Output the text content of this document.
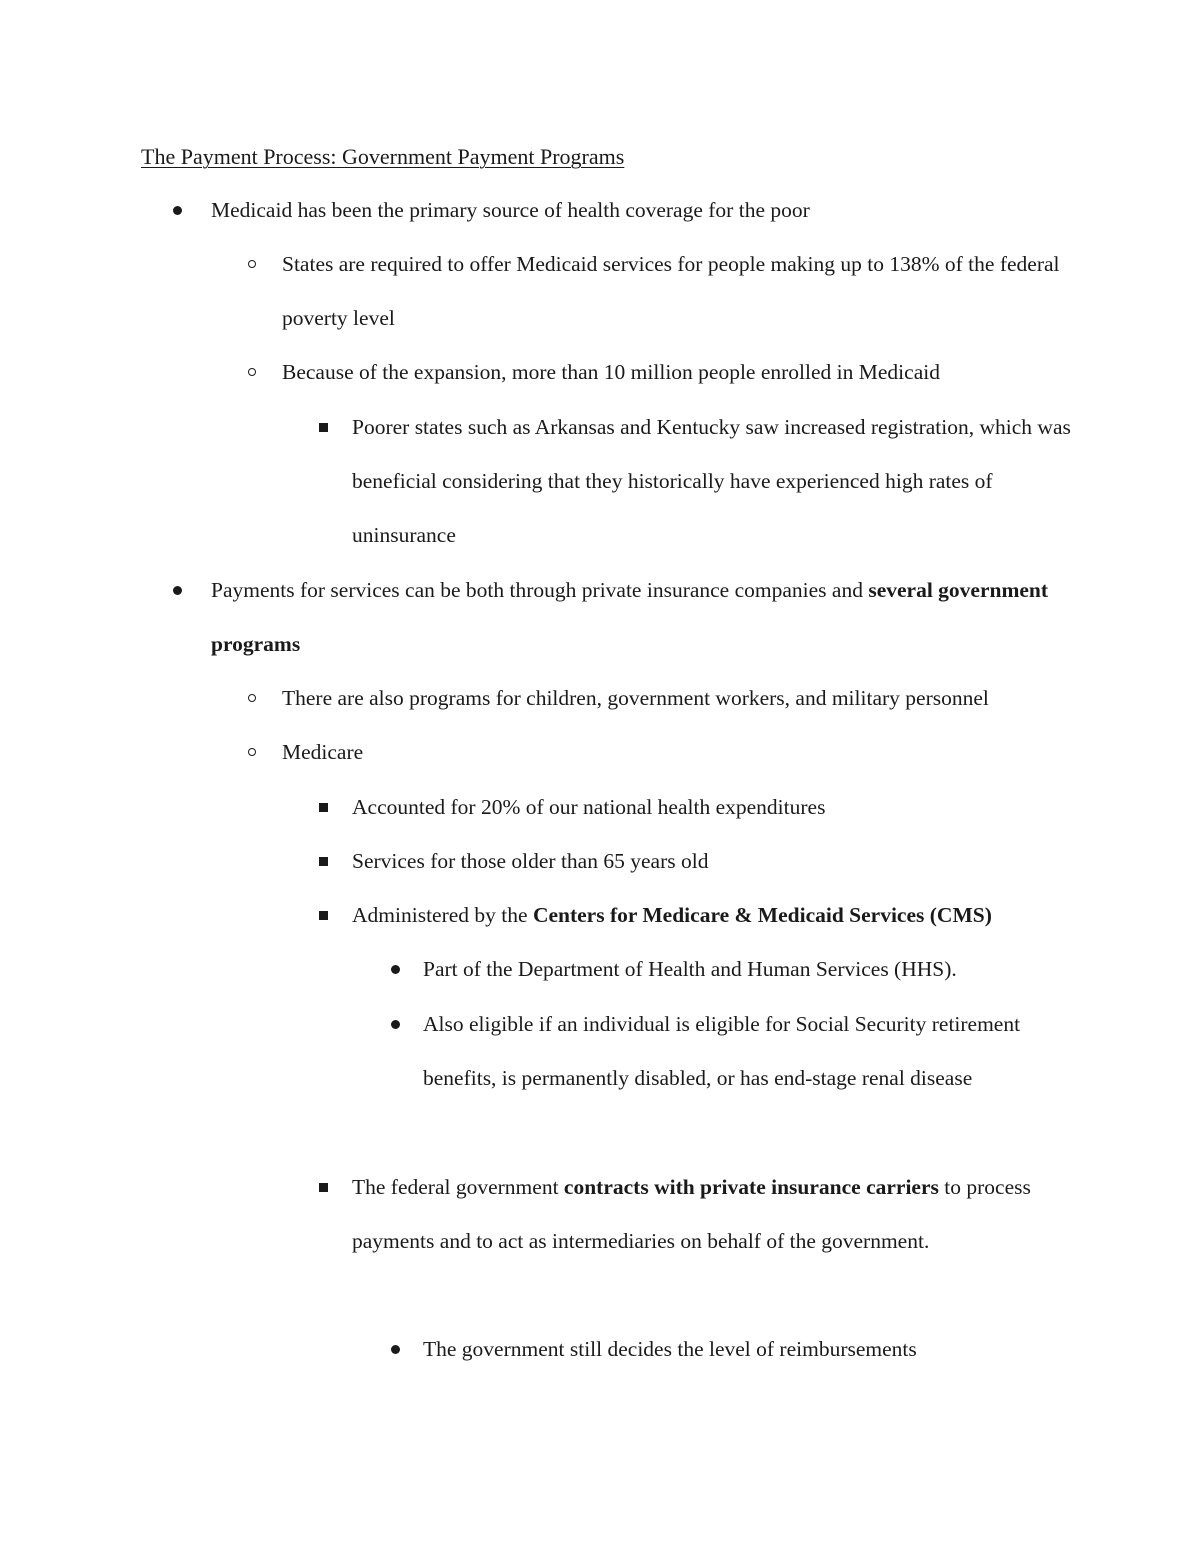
The Payment Process: Government Payment Programs
Medicaid has been the primary source of health coverage for the poor
States are required to offer Medicaid services for people making up to 138% of the federal poverty level
Because of the expansion, more than 10 million people enrolled in Medicaid
Poorer states such as Arkansas and Kentucky saw increased registration, which was beneficial considering that they historically have experienced high rates of uninsurance
Payments for services can be both through private insurance companies and several government programs
There are also programs for children, government workers, and military personnel
Medicare
Accounted for 20% of our national health expenditures
Services for those older than 65 years old
Administered by the Centers for Medicare & Medicaid Services (CMS)
Part of the Department of Health and Human Services (HHS).
Also eligible if an individual is eligible for Social Security retirement benefits, is permanently disabled, or has end-stage renal disease
The federal government contracts with private insurance carriers to process payments and to act as intermediaries on behalf of the government.
The government still decides the level of reimbursements
